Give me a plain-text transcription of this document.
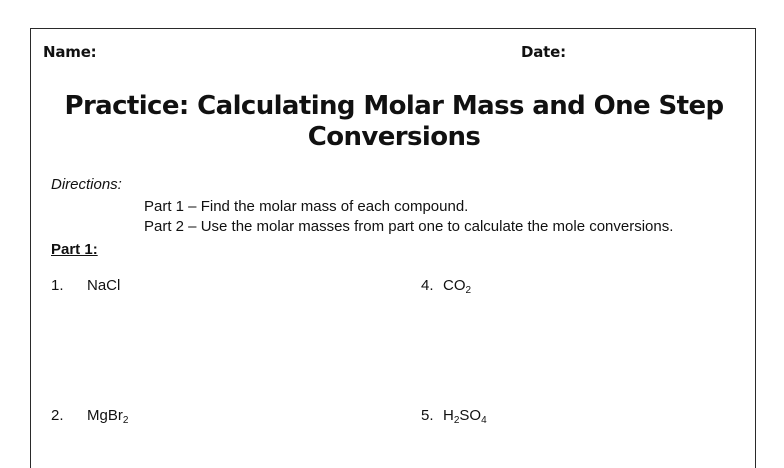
Name:	Date:
Practice: Calculating Molar Mass and One Step
Conversions
Directions:
Part 1 – Find the molar mass of each compound.
Part 2 – Use the molar masses from part one to calculate the mole conversions.
Part 1:
1. NaCl	4. $CO_2$
2. MgBr$_2$	5. $H_2SO_4$
